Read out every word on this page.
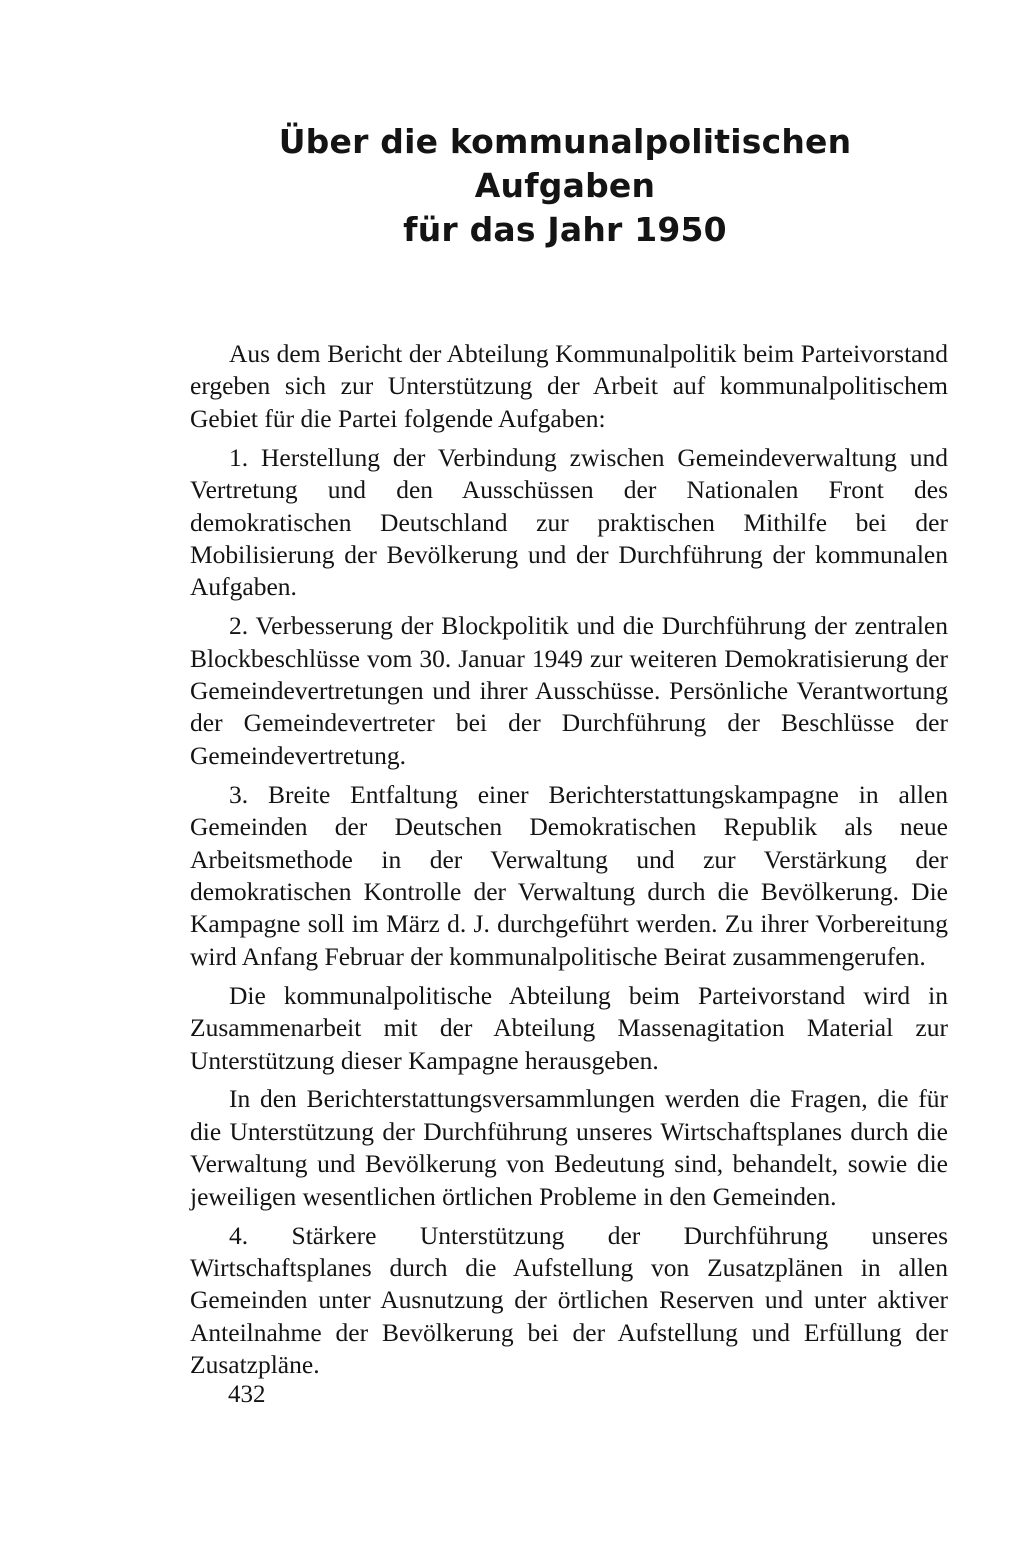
Über die kommunalpolitischen Aufgaben
für das Jahr 1950

Aus dem Bericht der Abteilung Kommunalpolitik beim Parteivorstand ergeben sich zur Unterstützung der Arbeit auf kommunalpolitischem Gebiet für die Partei folgende Aufgaben:

1. Herstellung der Verbindung zwischen Gemeindeverwaltung und Vertretung und den Ausschüssen der Nationalen Front des demokratischen Deutschland zur praktischen Mithilfe bei der Mobilisierung der Bevölkerung und der Durchführung der kommunalen Aufgaben.

2. Verbesserung der Blockpolitik und die Durchführung der zentralen Blockbeschlüsse vom 30. Januar 1949 zur weiteren Demokratisierung der Gemeindevertretungen und ihrer Ausschüsse. Persönliche Verantwortung der Gemeindevertreter bei der Durchführung der Beschlüsse der Gemeindevertretung.

3. Breite Entfaltung einer Berichterstattungskampagne in allen Gemeinden der Deutschen Demokratischen Republik als neue Arbeitsmethode in der Verwaltung und zur Verstärkung der demokratischen Kontrolle der Verwaltung durch die Bevölkerung. Die Kampagne soll im März d. J. durchgeführt werden. Zu ihrer Vorbereitung wird Anfang Februar der kommunalpolitische Beirat zusammengerufen.

Die kommunalpolitische Abteilung beim Parteivorstand wird in Zusammenarbeit mit der Abteilung Massenagitation Material zur Unterstützung dieser Kampagne herausgeben.

In den Berichterstattungsversammlungen werden die Fragen, die für die Unterstützung der Durchführung unseres Wirtschaftsplanes durch die Verwaltung und Bevölkerung von Bedeutung sind, behandelt, sowie die jeweiligen wesentlichen örtlichen Probleme in den Gemeinden.

4. Stärkere Unterstützung der Durchführung unseres Wirtschaftsplanes durch die Aufstellung von Zusatzplänen in allen Gemeinden unter Ausnutzung der örtlichen Reserven und unter aktiver Anteilnahme der Bevölkerung bei der Aufstellung und Erfüllung der Zusatzpläne.

432
